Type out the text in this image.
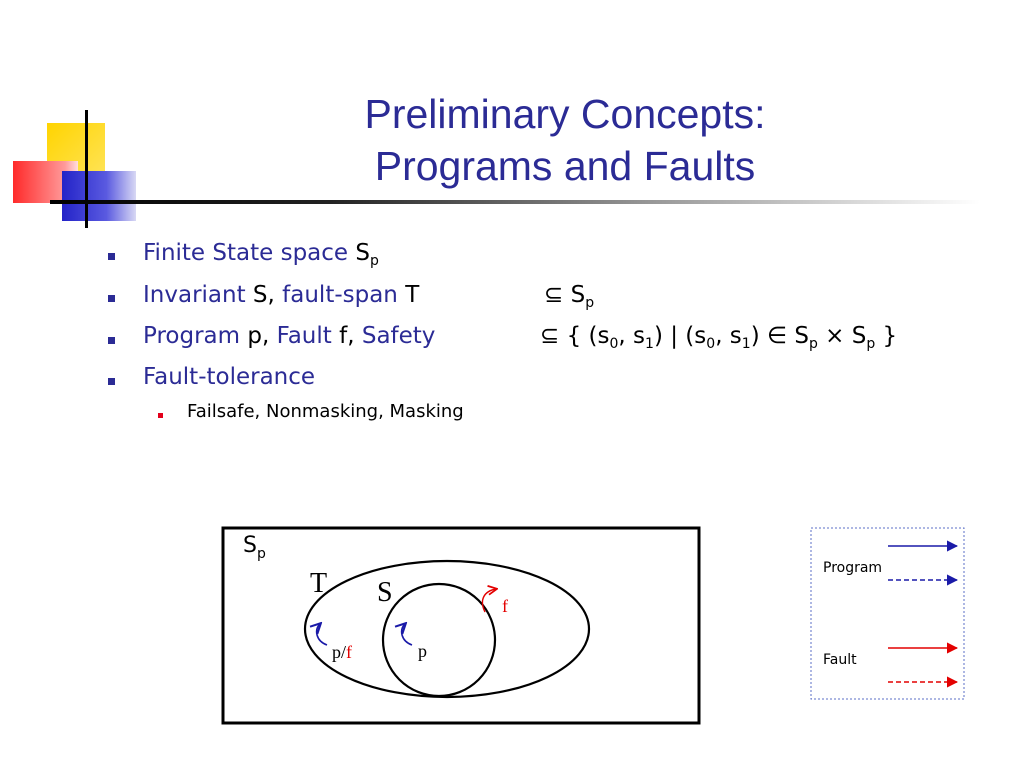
Preliminary Concepts:
Programs and Faults
Finite State space $S_p$
Invariant S, fault-span T	⊆ $S_p$
Program p, Fault f, Safety	⊆ { ($s_0$, $s_1$) | ($s_0$, $s_1$) ∈ $S_p \times S_p$ }
Fault-tolerance
Failsafe, Nonmasking, Masking
$S_p$
T S
p/f	p
f
Program
Fault
